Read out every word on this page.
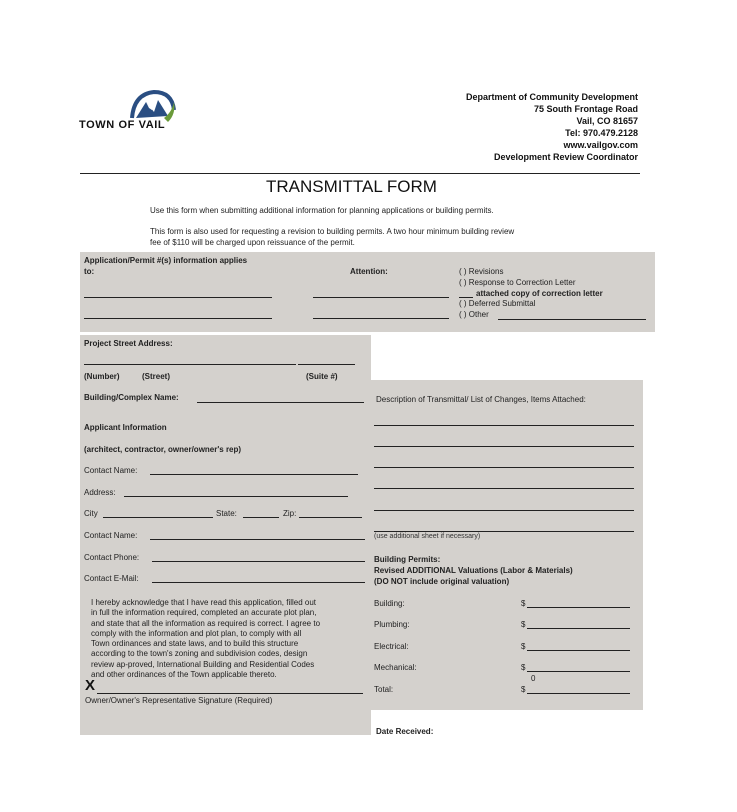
TOWN OF VAIL
Department of Community Development
75 South Frontage Road
Vail, CO 81657
Tel: 970.479.2128
www.vailgov.com
Development Review Coordinator
TRANSMITTAL FORM
Use this form when submitting additional information for planning applications or building permits.
This form is also used for requesting a revision to building permits. A two hour minimum building review
fee of $110 will be charged upon reissuance of the permit.
Application/Permit #(s) information applies
to:	Attention:	( ) Revisions
( ) Response to Correction Letter
attached copy of correction letter
( ) Deferred Submittal
( ) Other
Project Street Address:
(Number)	(Street)	(Suite #)
Building/Complex Name:	Description of Transmittal/ List of Changes, Items Attached:
(use additional sheet if necessary)
Applicant Information
(architect, contractor, owner/owner's rep)
Contact Name:
Address:
City	State:	Zip:
Contact Name:
Contact Phone:
Contact E-Mail:
I hereby acknowledge that I have read this application, filled out
in full the information required, completed an accurate plot plan,
and state that all the information as required is correct. I agree to
comply with the information and plot plan, to comply with all
Town ordinances and state laws, and to build this structure
according to the town's zoning and subdivision codes, design
review ap-proved, International Building and Residential Codes
and other ordinances of the Town applicable thereto.
X
Owner/Owner's Representative Signature (Required)
Building Permits:
Revised ADDITIONAL Valuations (Labor & Materials)
(DO NOT include original valuation)
Building:	$
Plumbing:	$
Electrical:	$
Mechanical:	$
0
Total:	$
Date Received:
